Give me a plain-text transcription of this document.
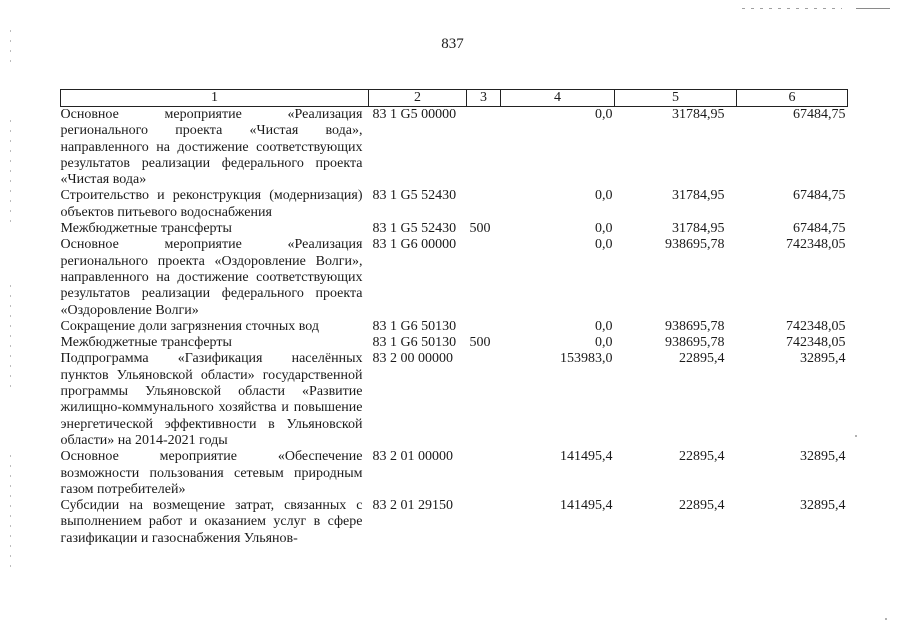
837
1	2	3	4	5	6
Основное мероприятие «Реализация регионального проекта «Чистая вода», направленного на достижение соответствующих результатов реализации федерального проекта «Чистая вода»	83 1 G5 00000		0,0	31784,95	67484,75
Строительство и реконструкция (модернизация) объектов питьевого водоснабжения	83 1 G5 52430		0,0	31784,95	67484,75
Межбюджетные трансферты	83 1 G5 52430	500	0,0	31784,95	67484,75
Основное мероприятие «Реализация регионального проекта «Оздоровление Волги», направленного на достижение соответствующих результатов реализации федерального проекта «Оздоровление Волги»	83 1 G6 00000		0,0	938695,78	742348,05
Сокращение доли загрязнения сточных вод	83 1 G6 50130		0,0	938695,78	742348,05
Межбюджетные трансферты	83 1 G6 50130	500	0,0	938695,78	742348,05
Подпрограмма «Газификация населённых пунктов Ульяновской области» государственной программы Ульяновской области «Развитие жилищно-коммунального хозяйства и повышение энергетической эффективности в Ульяновской области» на 2014-2021 годы	83 2 00 00000		153983,0	22895,4	32895,4
Основное мероприятие «Обеспечение возможности пользования сетевым природным газом потребителей»	83 2 01 00000		141495,4	22895,4	32895,4
Субсидии на возмещение затрат, связанных с выполнением работ и оказанием услуг в сфере газификации и газоснабжения Ульянов-	83 2 01 29150		141495,4	22895,4	32895,4
